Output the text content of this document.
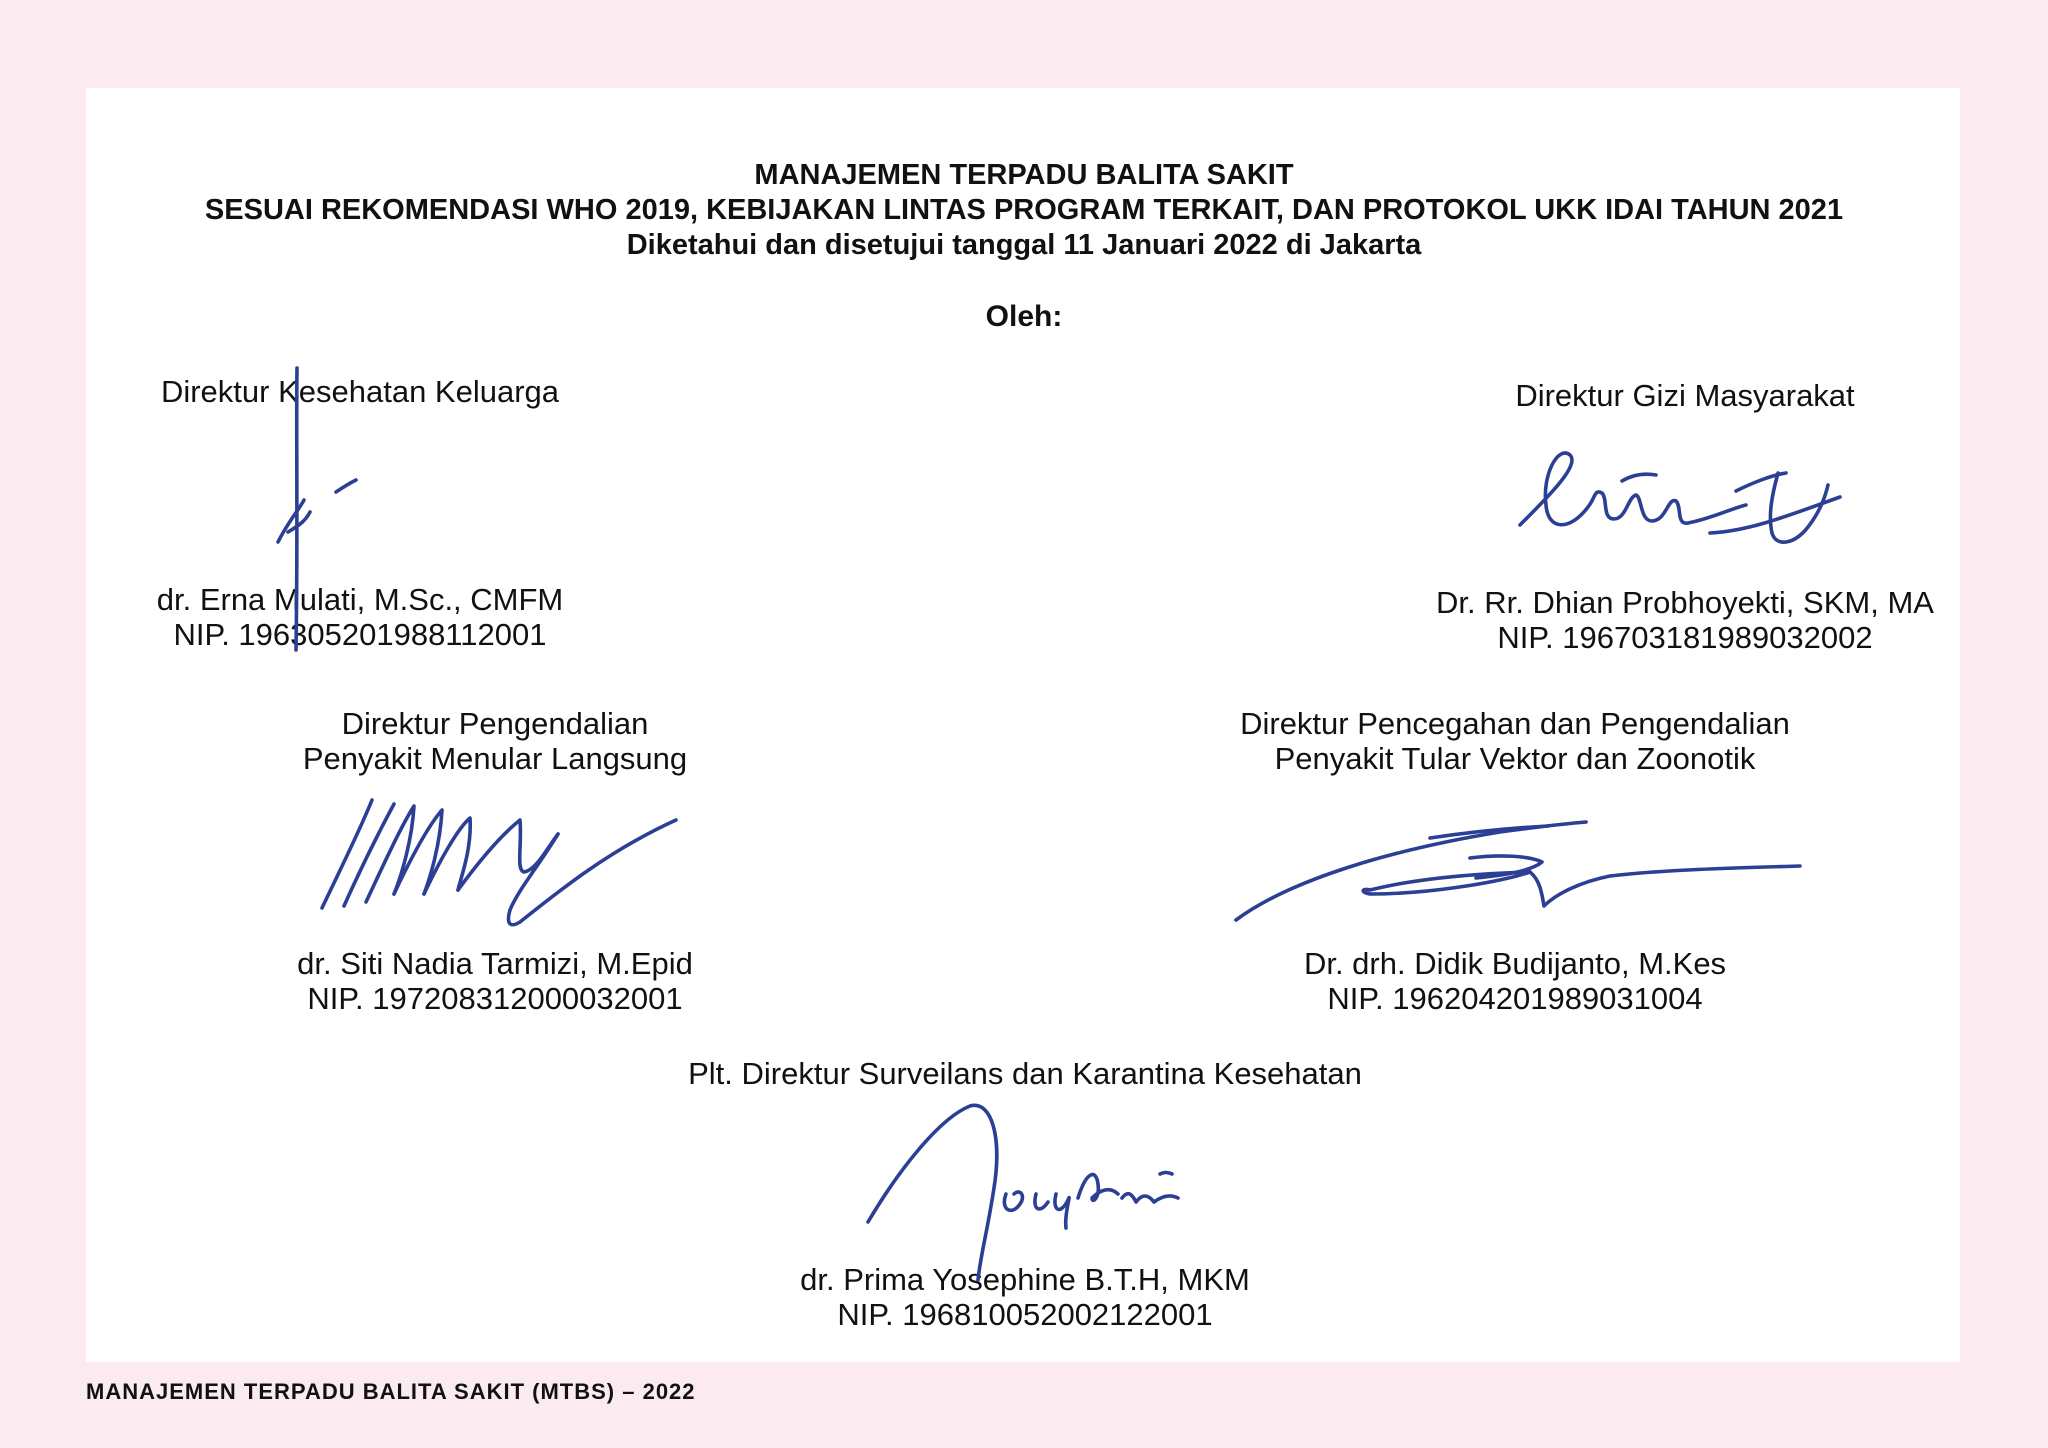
MANAJEMEN TERPADU BALITA SAKIT
SESUAI REKOMENDASI WHO 2019, KEBIJAKAN LINTAS PROGRAM TERKAIT, DAN PROTOKOL UKK IDAI TAHUN 2021
Diketahui dan disetujui tanggal 11 Januari 2022 di Jakarta
Oleh:
Direktur Kesehatan Keluarga
dr. Erna Mulati, M.Sc., CMFM
NIP. 196305201988112001
Direktur Gizi Masyarakat
Dr. Rr. Dhian Probhoyekti, SKM, MA
NIP. 196703181989032002
Direktur Pengendalian
Penyakit Menular Langsung
dr. Siti Nadia Tarmizi, M.Epid
NIP. 197208312000032001
Direktur Pencegahan dan Pengendalian
Penyakit Tular Vektor dan Zoonotik
Dr. drh. Didik Budijanto, M.Kes
NIP. 196204201989031004
Plt. Direktur Surveilans dan Karantina Kesehatan
dr. Prima Yosephine B.T.H, MKM
NIP. 196810052002122001
MANAJEMEN TERPADU BALITA SAKIT (MTBS) – 2022
